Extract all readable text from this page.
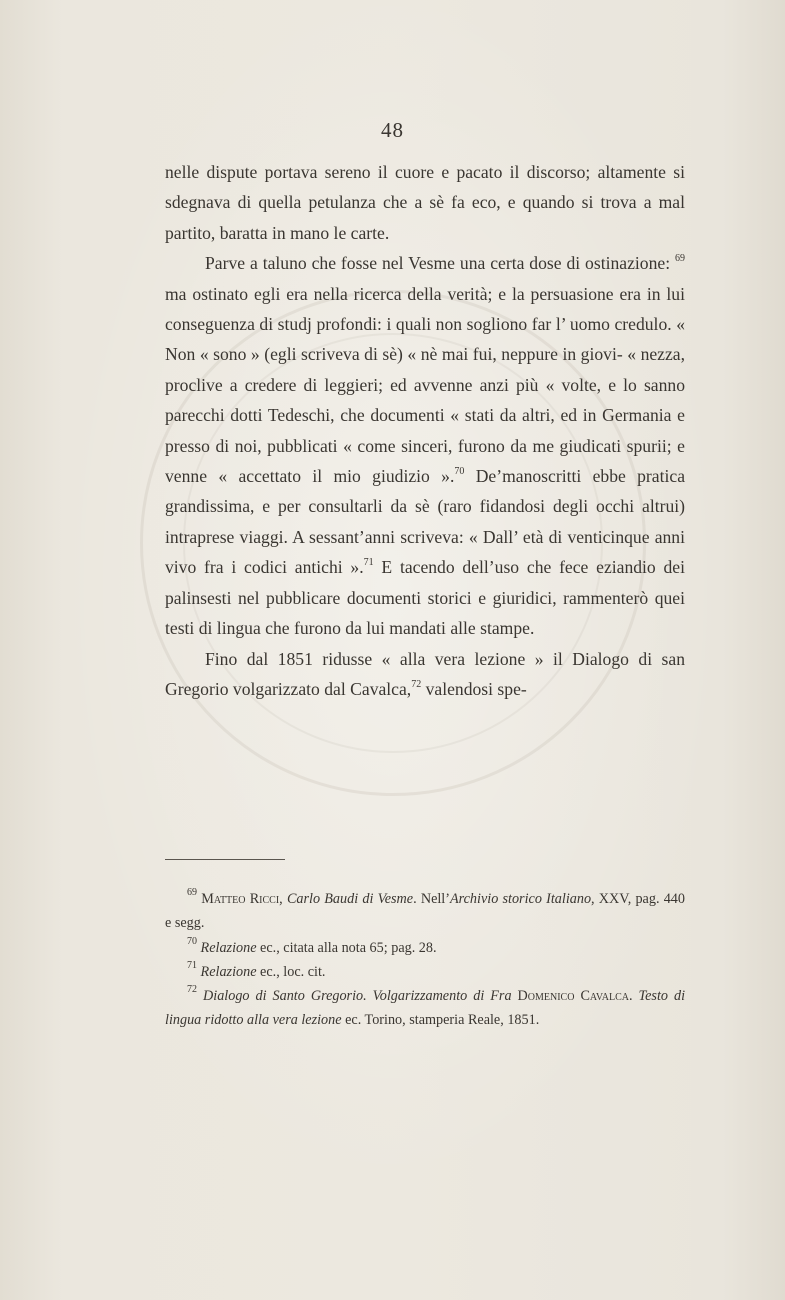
48

nelle dispute portava sereno il cuore e pacato il discorso; altamente si sdegnava di quella petulanza che a sè fa eco, e quando si trova a mal partito, baratta in mano le carte.

Parve a taluno che fosse nel Vesme una certa dose di ostinazione: $^{69}$ ma ostinato egli era nella ricerca della verità; e la persuasione era in lui conseguenza di studj profondi: i quali non sogliono far l’ uomo credulo. « Non « sono » (egli scriveva di sè) « nè mai fui, neppure in giovi- « nezza, proclive a credere di leggieri; ed avvenne anzi più « volte, e lo sanno parecchi dotti Tedeschi, che documenti « stati da altri, ed in Germania e presso di noi, pubblicati « come sinceri, furono da me giudicati spurii; e venne « accettato il mio giudizio ».$^{70}$ De’manoscritti ebbe pratica grandissima, e per consultarli da sè (raro fidandosi degli occhi altrui) intraprese viaggi. A sessant’anni scriveva: « Dall’ età di venticinque anni vivo fra i codici antichi ».$^{71}$ E tacendo dell’uso che fece eziandio dei palinsesti nel pubblicare documenti storici e giuridici, rammenterò quei testi di lingua che furono da lui mandati alle stampe.

Fino dal 1851 ridusse « alla vera lezione » il Dialogo di san Gregorio volgarizzato dal Cavalca,$^{72}$ valendosi spe-

$^{69}$ Matteo Ricci, Carlo Baudi di Vesme. Nell’Archivio storico Italiano, XXV, pag. 440 e segg.

$^{70}$ Relazione ec., citata alla nota 65; pag. 28.

$^{71}$ Relazione ec., loc. cit.

$^{72}$ Dialogo di Santo Gregorio. Volgarizzamento di Fra Domenico Cavalca. Testo di lingua ridotto alla vera lezione ec. Torino, stamperia Reale, 1851.
